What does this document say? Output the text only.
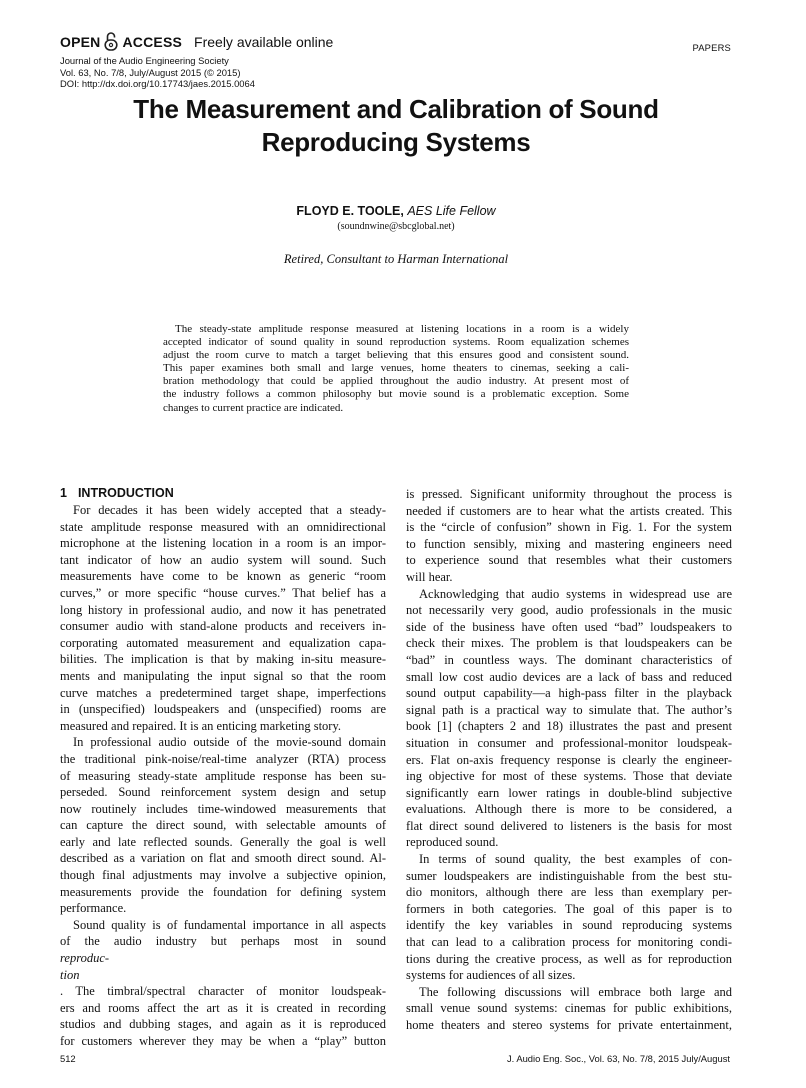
OPEN ACCESS Freely available online
Journal of the Audio Engineering Society
Vol. 63, No. 7/8, July/August 2015 (© 2015)
DOI: http://dx.doi.org/10.17743/jaes.2015.0064
PAPERS
The Measurement and Calibration of Sound
Reproducing Systems
FLOYD E. TOOLE, AES Life Fellow
(soundnwine@sbcglobal.net)
Retired, Consultant to Harman International
The steady-state amplitude response measured at listening locations in a room is a widely
accepted indicator of sound quality in sound reproduction systems. Room equalization schemes
adjust the room curve to match a target believing that this ensures good and consistent sound.
This paper examines both small and large venues, home theaters to cinemas, seeking a cali-
bration methodology that could be applied throughout the audio industry. At present most of
the industry follows a common philosophy but movie sound is a problematic exception. Some
changes to current practice are indicated.
1 INTRODUCTION
For decades it has been widely accepted that a steady-
state amplitude response measured with an omnidirectional
microphone at the listening location in a room is an impor-
tant indicator of how an audio system will sound. Such
measurements have come to be known as generic “room
curves,” or more specific “house curves.” That belief has a
long history in professional audio, and now it has penetrated
consumer audio with stand-alone products and receivers in-
corporating automated measurement and equalization capa-
bilities. The implication is that by making in-situ measure-
ments and manipulating the input signal so that the room
curve matches a predetermined target shape, imperfections
in (unspecified) loudspeakers and (unspecified) rooms are
measured and repaired. It is an enticing marketing story.
In professional audio outside of the movie-sound domain
the traditional pink-noise/real-time analyzer (RTA) process
of measuring steady-state amplitude response has been su-
perseded. Sound reinforcement system design and setup
now routinely includes time-windowed measurements that
can capture the direct sound, with selectable amounts of
early and late reflected sounds. Generally the goal is well
described as a variation on flat and smooth direct sound. Al-
though final adjustments may involve a subjective opinion,
measurements provide the foundation for defining system
performance.
Sound quality is of fundamental importance in all aspects
of the audio industry but perhaps most in sound
reproduc-
tion
. The timbral/spectral character of monitor loudspeak-
ers and rooms affect the art as it is created in recording
studios and dubbing stages, and again as it is reproduced
for customers wherever they may be when a “play” button
is pressed. Significant uniformity throughout the process is
needed if customers are to hear what the artists created. This
is the “circle of confusion” shown in Fig. 1. For the system
to function sensibly, mixing and mastering engineers need
to experience sound that resembles what their customers
will hear.
Acknowledging that audio systems in widespread use are
not necessarily very good, audio professionals in the music
side of the business have often used “bad” loudspeakers to
check their mixes. The problem is that loudspeakers can be
“bad” in countless ways. The dominant characteristics of
small low cost audio devices are a lack of bass and reduced
sound output capability—a high-pass filter in the playback
signal path is a practical way to simulate that. The author’s
book [1] (chapters 2 and 18) illustrates the past and present
situation in consumer and professional-monitor loudspeak-
ers. Flat on-axis frequency response is clearly the engineer-
ing objective for most of these systems. Those that deviate
significantly earn lower ratings in double-blind subjective
evaluations. Although there is more to be considered, a
flat direct sound delivered to listeners is the basis for most
reproduced sound.
In terms of sound quality, the best examples of con-
sumer loudspeakers are indistinguishable from the best stu-
dio monitors, although there are less than exemplary per-
formers in both categories. The goal of this paper is to
identify the key variables in sound reproducing systems
that can lead to a calibration process for monitoring condi-
tions during the creative process, as well as for reproduction
systems for audiences of all sizes.
The following discussions will embrace both large and
small venue sound systems: cinemas for public exhibitions,
home theaters and stereo systems for private entertainment,
512	J. Audio Eng. Soc., Vol. 63, No. 7/8, 2015 July/August
